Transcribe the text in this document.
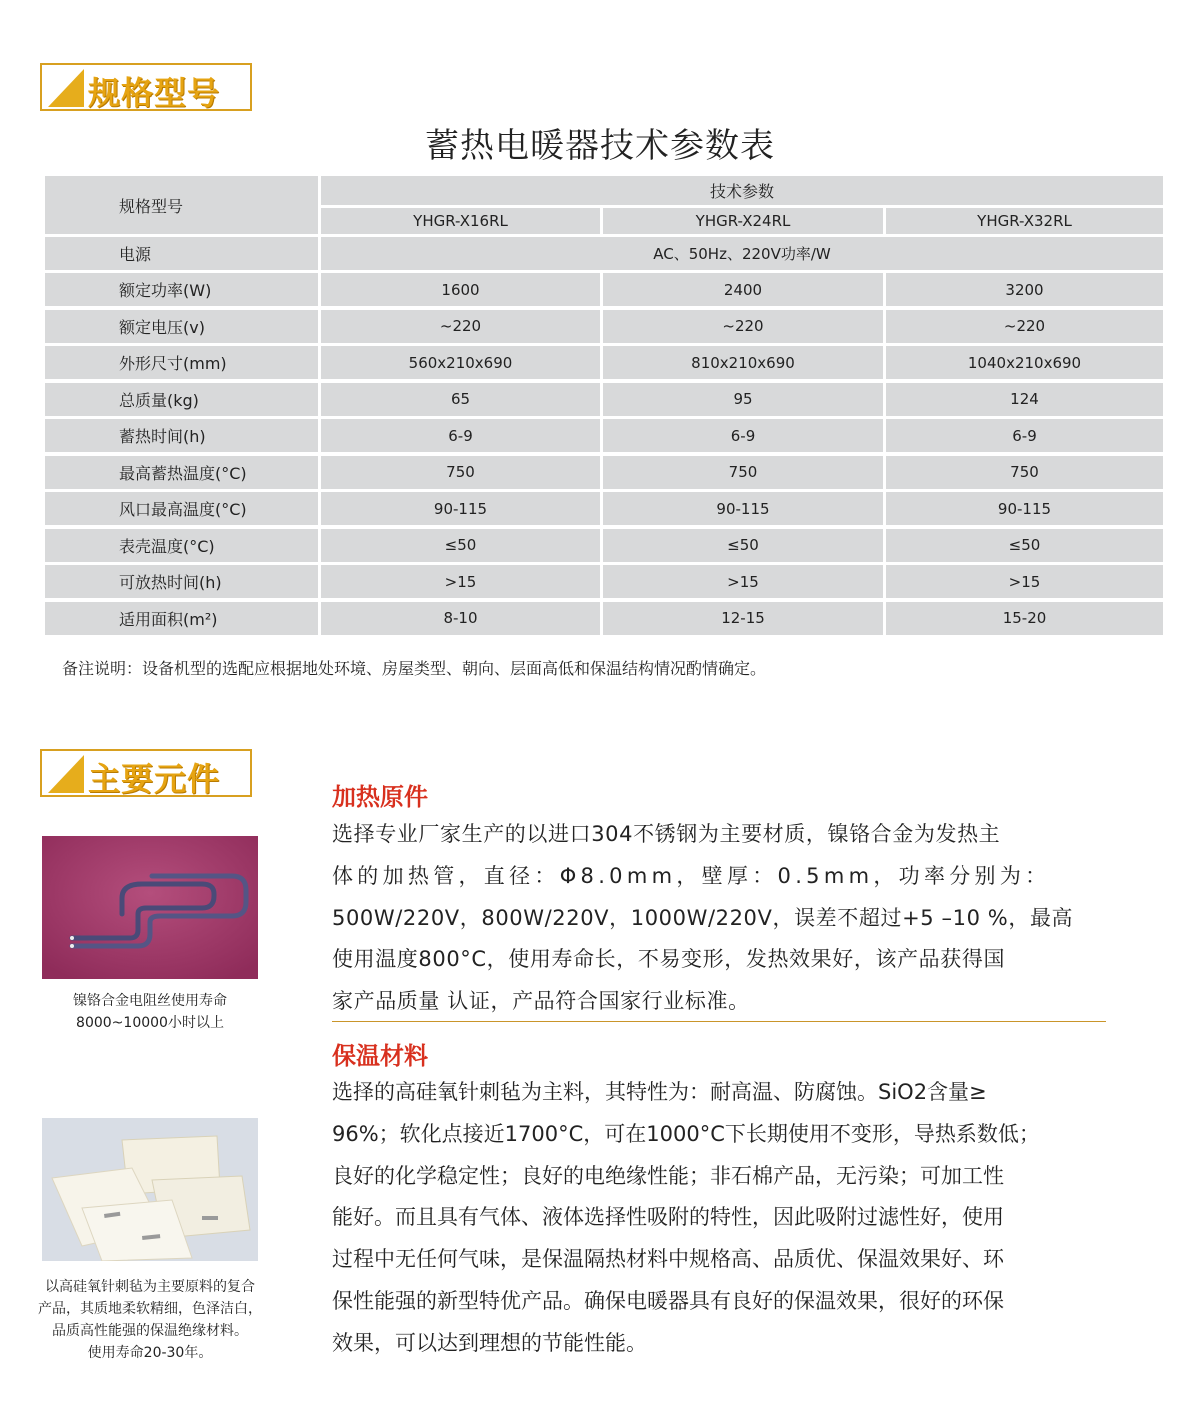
规格型号
蓄热电暖器技术参数表
规格型号
技术参数
YHGR-X16RL	YHGR-X24RL	YHGR-X32RL
电源	AC、50Hz、220V功率/W
额定功率(W)	1600	2400	3200
额定电压(v)	~220	~220	~220
外形尺寸(mm)	560x210x690	810x210x690	1040x210x690
总质量(kg)	65	95	124
蓄热时间(h)	6-9	6-9	6-9
最高蓄热温度(°C)	750	750	750
风口最高温度(°C)	90-115	90-115	90-115
表壳温度(°C)	≤50	≤50	≤50
可放热时间(h)	>15	>15	>15
适用面积(m²)	8-10	12-15	15-20
备注说明：设备机型的选配应根据地处环境、房屋类型、朝向、层面高低和保温结构情况酌情确定。
主要元件
镍铬合金电阻丝使用寿命
8000~10000小时以上
以高硅氧针刺毡为主要原料的复合
产品，其质地柔软精细，色泽洁白，
品质高性能强的保温绝缘材料。
使用寿命20-30年。
加热原件
选择专业厂家生产的以进口304不锈钢为主要材质，镍铬合金为发热主
体的加热管，直径：Φ8.0mm，壁厚：0.5mm，功率分别为：
500W/220V，800W/220V，1000W/220V，误差不超过+5 –10 %，最高
使用温度800°C，使用寿命长，不易变形，发热效果好，该产品获得国
家产品质量 认证，产品符合国家行业标准。
保温材料
选择的高硅氧针刺毡为主料，其特性为：耐高温、防腐蚀。SiO2含量≥
96%；软化点接近1700°C，可在1000°C下长期使用不变形，导热系数低；
良好的化学稳定性；良好的电绝缘性能；非石棉产品，无污染；可加工性
能好。而且具有气体、液体选择性吸附的特性，因此吸附过滤性好，使用
过程中无任何气味，是保温隔热材料中规格高、品质优、保温效果好、环
保性能强的新型特优产品。确保电暖器具有良好的保温效果，很好的环保
效果，可以达到理想的节能性能。
